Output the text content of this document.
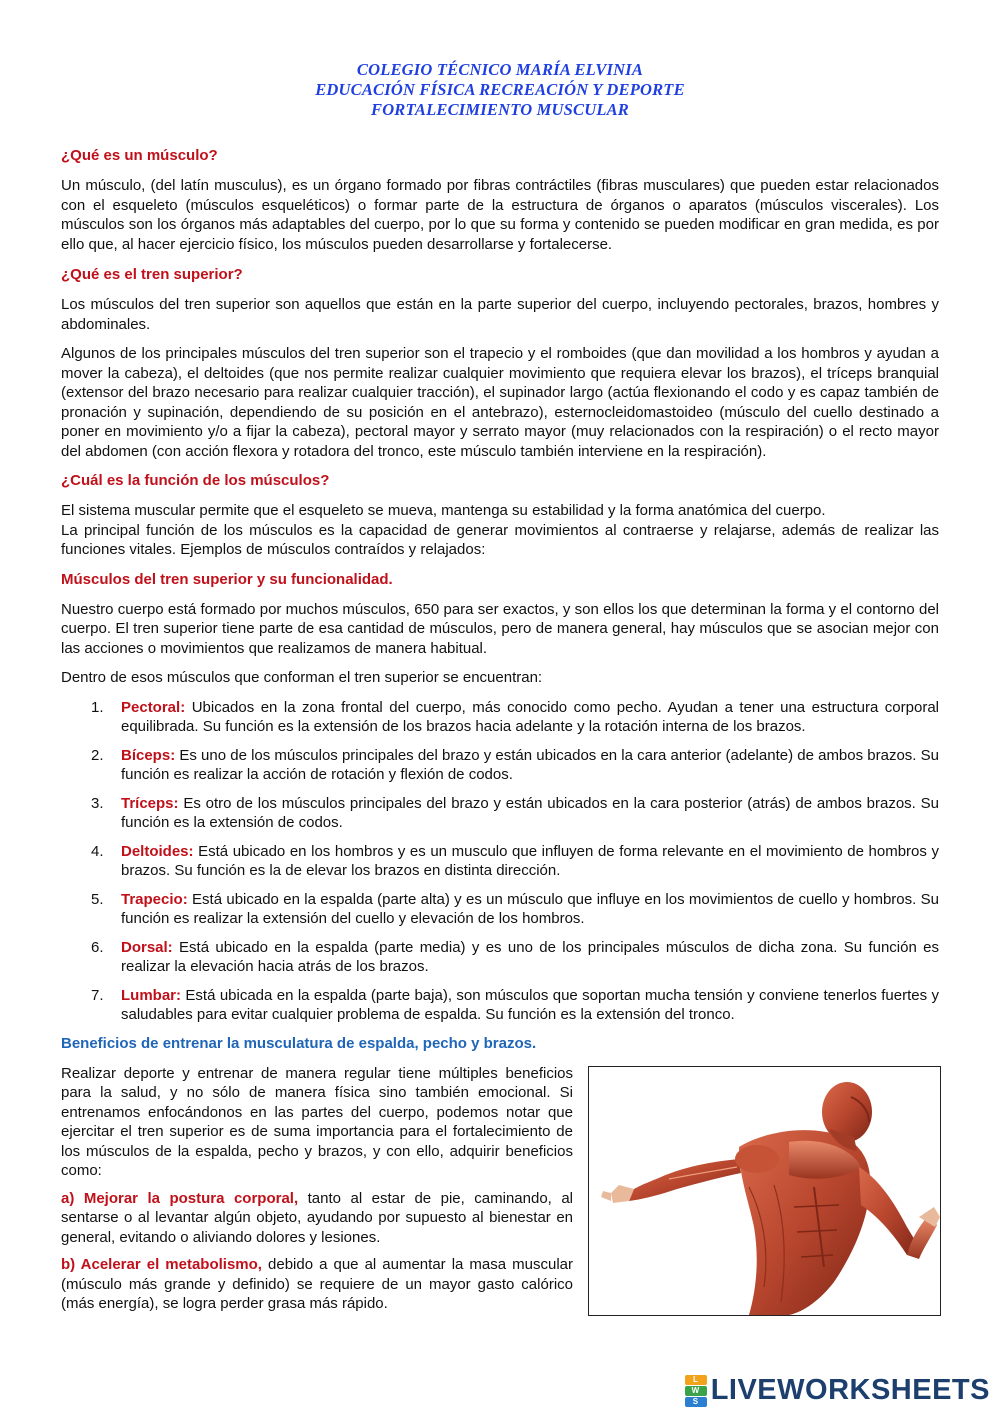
COLEGIO TÉCNICO MARÍA ELVINIA
EDUCACIÓN FÍSICA RECREACIÓN Y DEPORTE
FORTALECIMIENTO MUSCULAR
¿Qué es un músculo?

Un músculo, (del latín musculus), es un órgano formado por fibras contráctiles (fibras musculares) que pueden estar relacionados con el esqueleto (músculos esqueléticos) o formar parte de la estructura de órganos o aparatos (músculos viscerales). Los músculos son los órganos más adaptables del cuerpo, por lo que su forma y contenido se pueden modificar en gran medida, es por ello que, al hacer ejercicio físico, los músculos pueden desarrollarse y fortalecerse.

¿Qué es el tren superior?

Los músculos del tren superior son aquellos que están en la parte superior del cuerpo, incluyendo pectorales, brazos, hombres y abdominales.

Algunos de los principales músculos del tren superior son el trapecio y el romboides (que dan movilidad a los hombros y ayudan a mover la cabeza), el deltoides (que nos permite realizar cualquier movimiento que requiera elevar los brazos), el tríceps branquial (extensor del brazo necesario para realizar cualquier tracción), el supinador largo (actúa flexionando el codo y es capaz también de pronación y supinación, dependiendo de su posición en el antebrazo), esternocleidomastoideo (músculo del cuello destinado a poner en movimiento y/o a fijar la cabeza), pectoral mayor y serrato mayor (muy relacionados con la respiración) o el recto mayor del abdomen (con acción flexora y rotadora del tronco, este músculo también interviene en la respiración).

¿Cuál es la función de los músculos?

El sistema muscular permite que el esqueleto se mueva, mantenga su estabilidad y la forma anatómica del cuerpo.

La principal función de los músculos es la capacidad de generar movimientos al contraerse y relajarse, además de realizar las funciones vitales. Ejemplos de músculos contraídos y relajados:

Músculos del tren superior y su funcionalidad.

Nuestro cuerpo está formado por muchos músculos, 650 para ser exactos, y son ellos los que determinan la forma y el contorno del cuerpo. El tren superior tiene parte de esa cantidad de músculos, pero de manera general, hay músculos que se asocian mejor con las acciones o movimientos que realizamos de manera habitual.

Dentro de esos músculos que conforman el tren superior se encuentran:

1. Pectoral: Ubicados en la zona frontal del cuerpo, más conocido como pecho. Ayudan a tener una estructura corporal equilibrada. Su función es la extensión de los brazos hacia adelante y la rotación interna de los brazos.
2. Bíceps: Es uno de los músculos principales del brazo y están ubicados en la cara anterior (adelante) de ambos brazos. Su función es realizar la acción de rotación y flexión de codos.
3. Tríceps: Es otro de los músculos principales del brazo y están ubicados en la cara posterior (atrás) de ambos brazos. Su función es la extensión de codos.
4. Deltoides: Está ubicado en los hombros y es un musculo que influyen de forma relevante en el movimiento de hombros y brazos. Su función es la de elevar los brazos en distinta dirección.
5. Trapecio: Está ubicado en la espalda (parte alta) y es un músculo que influye en los movimientos de cuello y hombros. Su función es realizar la extensión del cuello y elevación de los hombros.
6. Dorsal: Está ubicado en la espalda (parte media) y es uno de los principales músculos de dicha zona. Su función es realizar la elevación hacia atrás de los brazos.
7. Lumbar: Está ubicada en la espalda (parte baja), son músculos que soportan mucha tensión y conviene tenerlos fuertes y saludables para evitar cualquier problema de espalda. Su función es la extensión del tronco.
Beneficios de entrenar la musculatura de espalda, pecho y brazos.

Realizar deporte y entrenar de manera regular tiene múltiples beneficios para la salud, y no sólo de manera física sino también emocional. Si entrenamos enfocándonos en las partes del cuerpo, podemos notar que ejercitar el tren superior es de suma importancia para el fortalecimiento de los músculos de la espalda, pecho y brazos, y con ello, adquirir beneficios como:

a) Mejorar la postura corporal, tanto al estar de pie, caminando, al sentarse o al levantar algún objeto, ayudando por supuesto al bienestar en general, evitando o aliviando dolores y lesiones.

b) Acelerar el metabolismo, debido a que al aumentar la masa muscular (músculo más grande y definido) se requiere de un mayor gasto calórico (más energía), se logra perder grasa más rápido.

L
W
S LIVEWORKSHEETS
